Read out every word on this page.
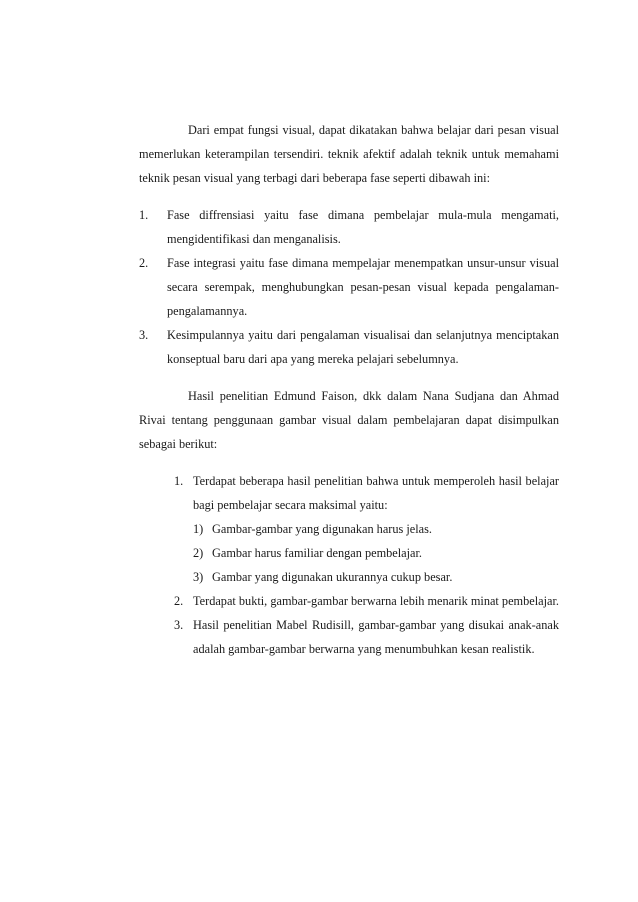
Dari empat fungsi visual, dapat dikatakan bahwa belajar dari pesan visual memerlukan keterampilan tersendiri. teknik afektif adalah teknik untuk memahami teknik pesan visual yang terbagi dari beberapa fase seperti dibawah ini:

1. Fase diffrensiasi yaitu fase dimana pembelajar mula-mula mengamati, mengidentifikasi dan menganalisis.
2. Fase integrasi yaitu fase dimana mempelajar menempatkan unsur-unsur visual secara serempak, menghubungkan pesan-pesan visual kepada pengalaman-pengalamannya.
3. Kesimpulannya yaitu dari pengalaman visualisai dan selanjutnya menciptakan konseptual baru dari apa yang mereka pelajari sebelumnya.

Hasil penelitian Edmund Faison, dkk dalam Nana Sudjana dan Ahmad Rivai tentang penggunaan gambar visual dalam pembelajaran dapat disimpulkan sebagai berikut:

1. Terdapat beberapa hasil penelitian bahwa untuk memperoleh hasil belajar bagi pembelajar secara maksimal yaitu:
1) Gambar-gambar yang digunakan harus jelas.
2) Gambar harus familiar dengan pembelajar.
3) Gambar yang digunakan ukurannya cukup besar.
2. Terdapat bukti, gambar-gambar berwarna lebih menarik minat pembelajar.
3. Hasil penelitian Mabel Rudisill, gambar-gambar yang disukai anak-anak adalah gambar-gambar berwarna yang menumbuhkan kesan realistik.
